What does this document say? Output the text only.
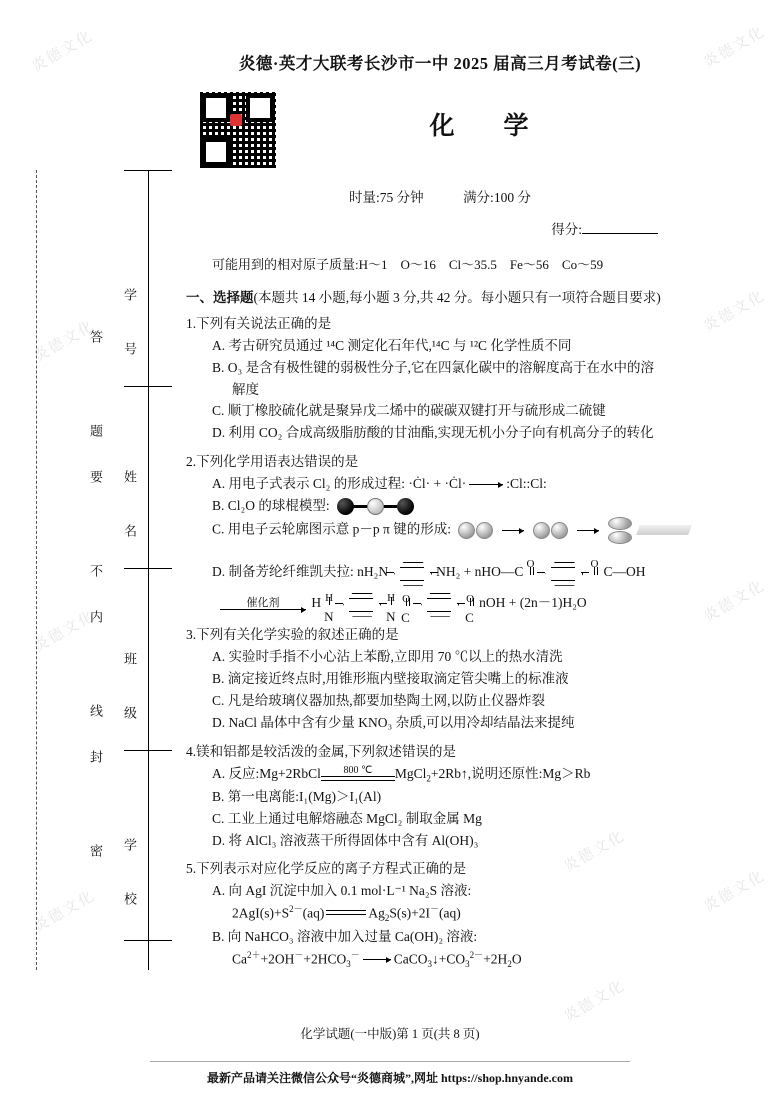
炎德文化	炎德文化
炎德文化
炎德文化
炎德文化
炎德文化
炎德文化	炎德文化
炎德文化
炎德文化
学　号
姓　名
班　级
学　校
答　题
要　不
内　线
封　密
炎德·英才大联考长沙市一中 2025 届高三月考试卷(三)
化　学
时量:75 分钟	满分:100 分
得分:
可能用到的相对原子质量:H～1　O～16　Cl～35.5　Fe～56　Co～59
一、选择题(本题共 14 小题,每小题 3 分,共 42 分。每小题只有一项符合题目要求)
1.下列有关说法正确的是
A. 考古研究员通过 ¹⁴C 测定化石年代,¹⁴C 与 ¹²C 化学性质不同
B. O₃ 是含有极性键的弱极性分子,它在四氯化碳中的溶解度高于在水中的溶
解度
C. 顺丁橡胶硫化就是聚异戊二烯中的碳碳双键打开与硫形成二硫键
D. 利用 CO₂ 合成高级脂肪酸的甘油酯,实现无机小分子向有机高分子的转化
2.下列化学用语表达错误的是
A. 用电子式表示 Cl₂ 的形成过程: ·Ċl· + ·Ċl· → :Cl::Cl:
B. Cl₂O 的球棍模型:
C. 用电子云轮廓图示意 p－p π 键的形成:
D. 制备芳纶纤维凯夫拉: nH₂N	NH₂ + nHO—C
O	O
C—OH
催化剂	H H
N
H
N
O
C
O
C
nOH + (2n－1)H₂O
3.下列有关化学实验的叙述正确的是
A. 实验时手指不小心沾上苯酚,立即用 70 ℃以上的热水清洗
B. 滴定接近终点时,用锥形瓶内壁接取滴定管尖嘴上的标准液
C. 凡是给玻璃仪器加热,都要加垫陶土网,以防止仪器炸裂
D. NaCl 晶体中含有少量 KNO₃ 杂质,可以用冷却结晶法来提纯
4.镁和铝都是较活泼的金属,下列叙述错误的是
A. 反应:Mg+2RbCl	800 ℃	MgCl$_2$+2Rb↑,说明还原性:Mg＞Rb
B. 第一电离能:I₁(Mg)＞I₁(Al)
C. 工业上通过电解熔融态 MgCl₂ 制取金属 Mg
D. 将 AlCl₃ 溶液蒸干所得固体中含有 Al(OH)₃
5.下列表示对应化学反应的离子方程式正确的是
A. 向 AgI 沉淀中加入 0.1 mol·L⁻¹ Na₂S 溶液:
$2AgI(s)+S^{2-}(aq)$	$Ag_2S(s)+2I^-(aq)$
B. 向 NaHCO₃ 溶液中加入过量 Ca(OH)₂ 溶液:
$Ca^{2+}+2OH^-+2HCO_3^-$ → $CaCO_3↓+CO_3^{2-}+2H_2O$
化学试题(一中版)第 1 页(共 8 页)
最新产品请关注微信公众号“炎德商城”,网址 https://shop.hnyande.com
